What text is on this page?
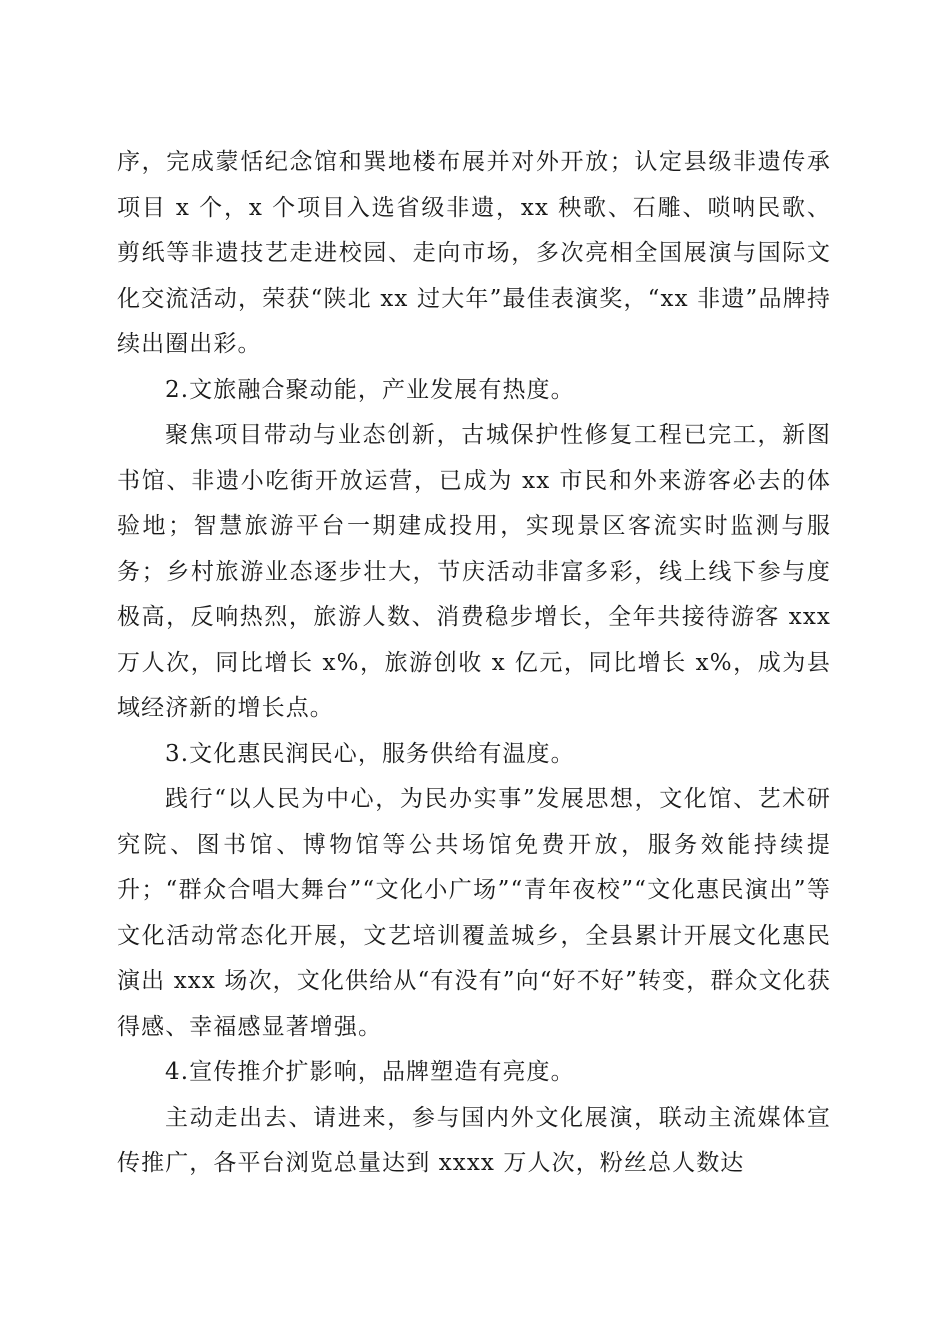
序，完成蒙恬纪念馆和巽地楼布展并对外开放；认定县级非遗传承项目 x 个，x 个项目入选省级非遗，xx 秧歌、石雕、唢呐民歌、剪纸等非遗技艺走进校园、走向市场，多次亮相全国展演与国际文化交流活动，荣获“陕北 xx 过大年”最佳表演奖，“xx 非遗”品牌持续出圈出彩。

2.文旅融合聚动能，产业发展有热度。

聚焦项目带动与业态创新，古城保护性修复工程已完工，新图书馆、非遗小吃街开放运营，已成为 xx 市民和外来游客必去的体验地；智慧旅游平台一期建成投用，实现景区客流实时监测与服务；乡村旅游业态逐步壮大，节庆活动非富多彩，线上线下参与度极高，反响热烈，旅游人数、消费稳步增长，全年共接待游客 xxx 万人次，同比增长 x%，旅游创收 x 亿元，同比增长 x%，成为县域经济新的增长点。

3.文化惠民润民心，服务供给有温度。

践行“以人民为中心，为民办实事”发展思想，文化馆、艺术研究院、图书馆、博物馆等公共场馆免费开放，服务效能持续提升；“群众合唱大舞台”“文化小广场”“青年夜校”“文化惠民演出”等文化活动常态化开展，文艺培训覆盖城乡，全县累计开展文化惠民演出 xxx 场次，文化供给从“有没有”向“好不好”转变，群众文化获得感、幸福感显著增强。

4.宣传推介扩影响，品牌塑造有亮度。

主动走出去、请进来，参与国内外文化展演，联动主流媒体宣传推广，各平台浏览总量达到 xxxx 万人次，粉丝总人数达
